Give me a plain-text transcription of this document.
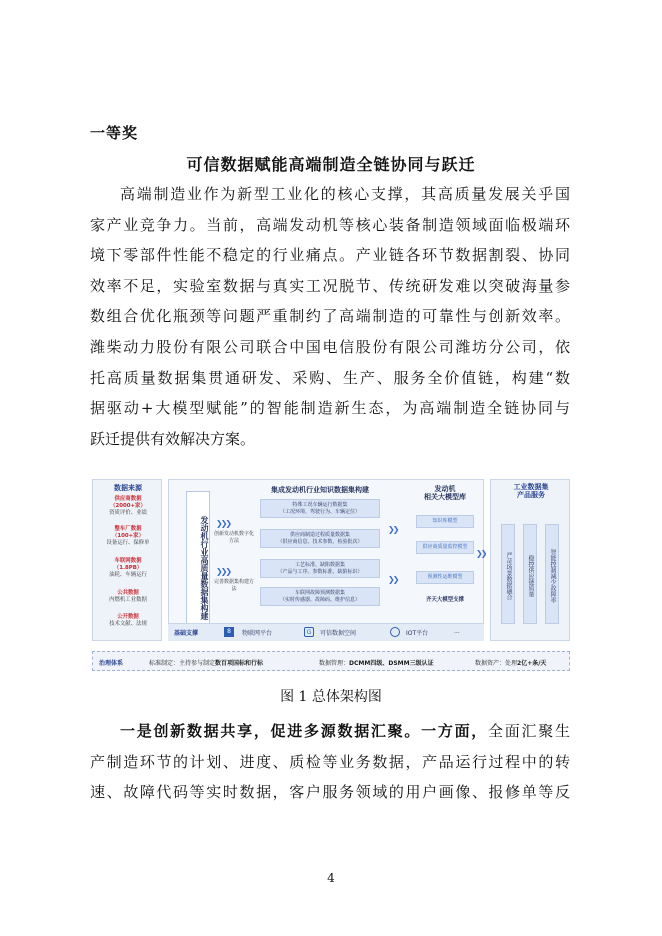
一等奖
可信数据赋能高端制造全链协同与跃迁

高端制造业作为新型工业化的核心支撑，其高质量发展关乎国

家产业竞争力。当前，高端发动机等核心装备制造领域面临极端环

境下零部件性能不稳定的行业痛点。产业链各环节数据割裂、协同

效率不足，实验室数据与真实工况脱节、传统研发难以突破海量参

数组合优化瓶颈等问题严重制约了高端制造的可靠性与创新效率。

潍柴动力股份有限公司联合中国电信股份有限公司潍坊分公司，依

托高质量数据集贯通研发、采购、生产、服务全价值链，构建“数

据驱动+大模型赋能”的智能制造新生态，为高端制造全链协同与

跃迁提供有效解决方案。

数据来源
供应商数据
（2000+家）
资质评价、业绩
整车厂数据
（100+家）
设备运行、保修单
车联网数据
（1.8PB）
油耗、车辆运行
公共数据
内燃机工业数据
公开数据
技术文献、法规
发动机行业高质量数据集构建 ❯❯❯
❯❯❯
创新发动机数字化方法
完善数据集构建方法
集成发动机行业知识数据集构建
特殊工况车辆运行数据集
（工况环境、驾驶行为、车辆定位）
供应商制造过程质量数据集
（供应商信息、技术参数、检验批次）
工艺标准、缺陷数据集
（产品与工序、参数标准、缺陷标识）
车联网故障预测数据集
（实时传感器、故障码、维护信息）
❯❯
❯❯
发动机
相关大模型库
知识库模型
供应商质量监控模型
预测性运维模型
齐天大模型支撑
❯❯
工业数据集
产品服务
严苛场景数据融合	稳控供应链质量	智能控制减少故障率
基础支撑	8	物联网平台	G	可信数据空间	IOT平台	...
治理体系	标准制定：主持参与制定数百项国标和行标	数据管理：DCMM四级、DSMM三级认证	数据资产：处理2亿+条/天
图 1 总体架构图

一是创新数据共享，促进多源数据汇聚。一方面，全面汇聚生

产制造环节的计划、进度、质检等业务数据，产品运行过程中的转

速、故障代码等实时数据，客户服务领域的用户画像、报修单等反

4
